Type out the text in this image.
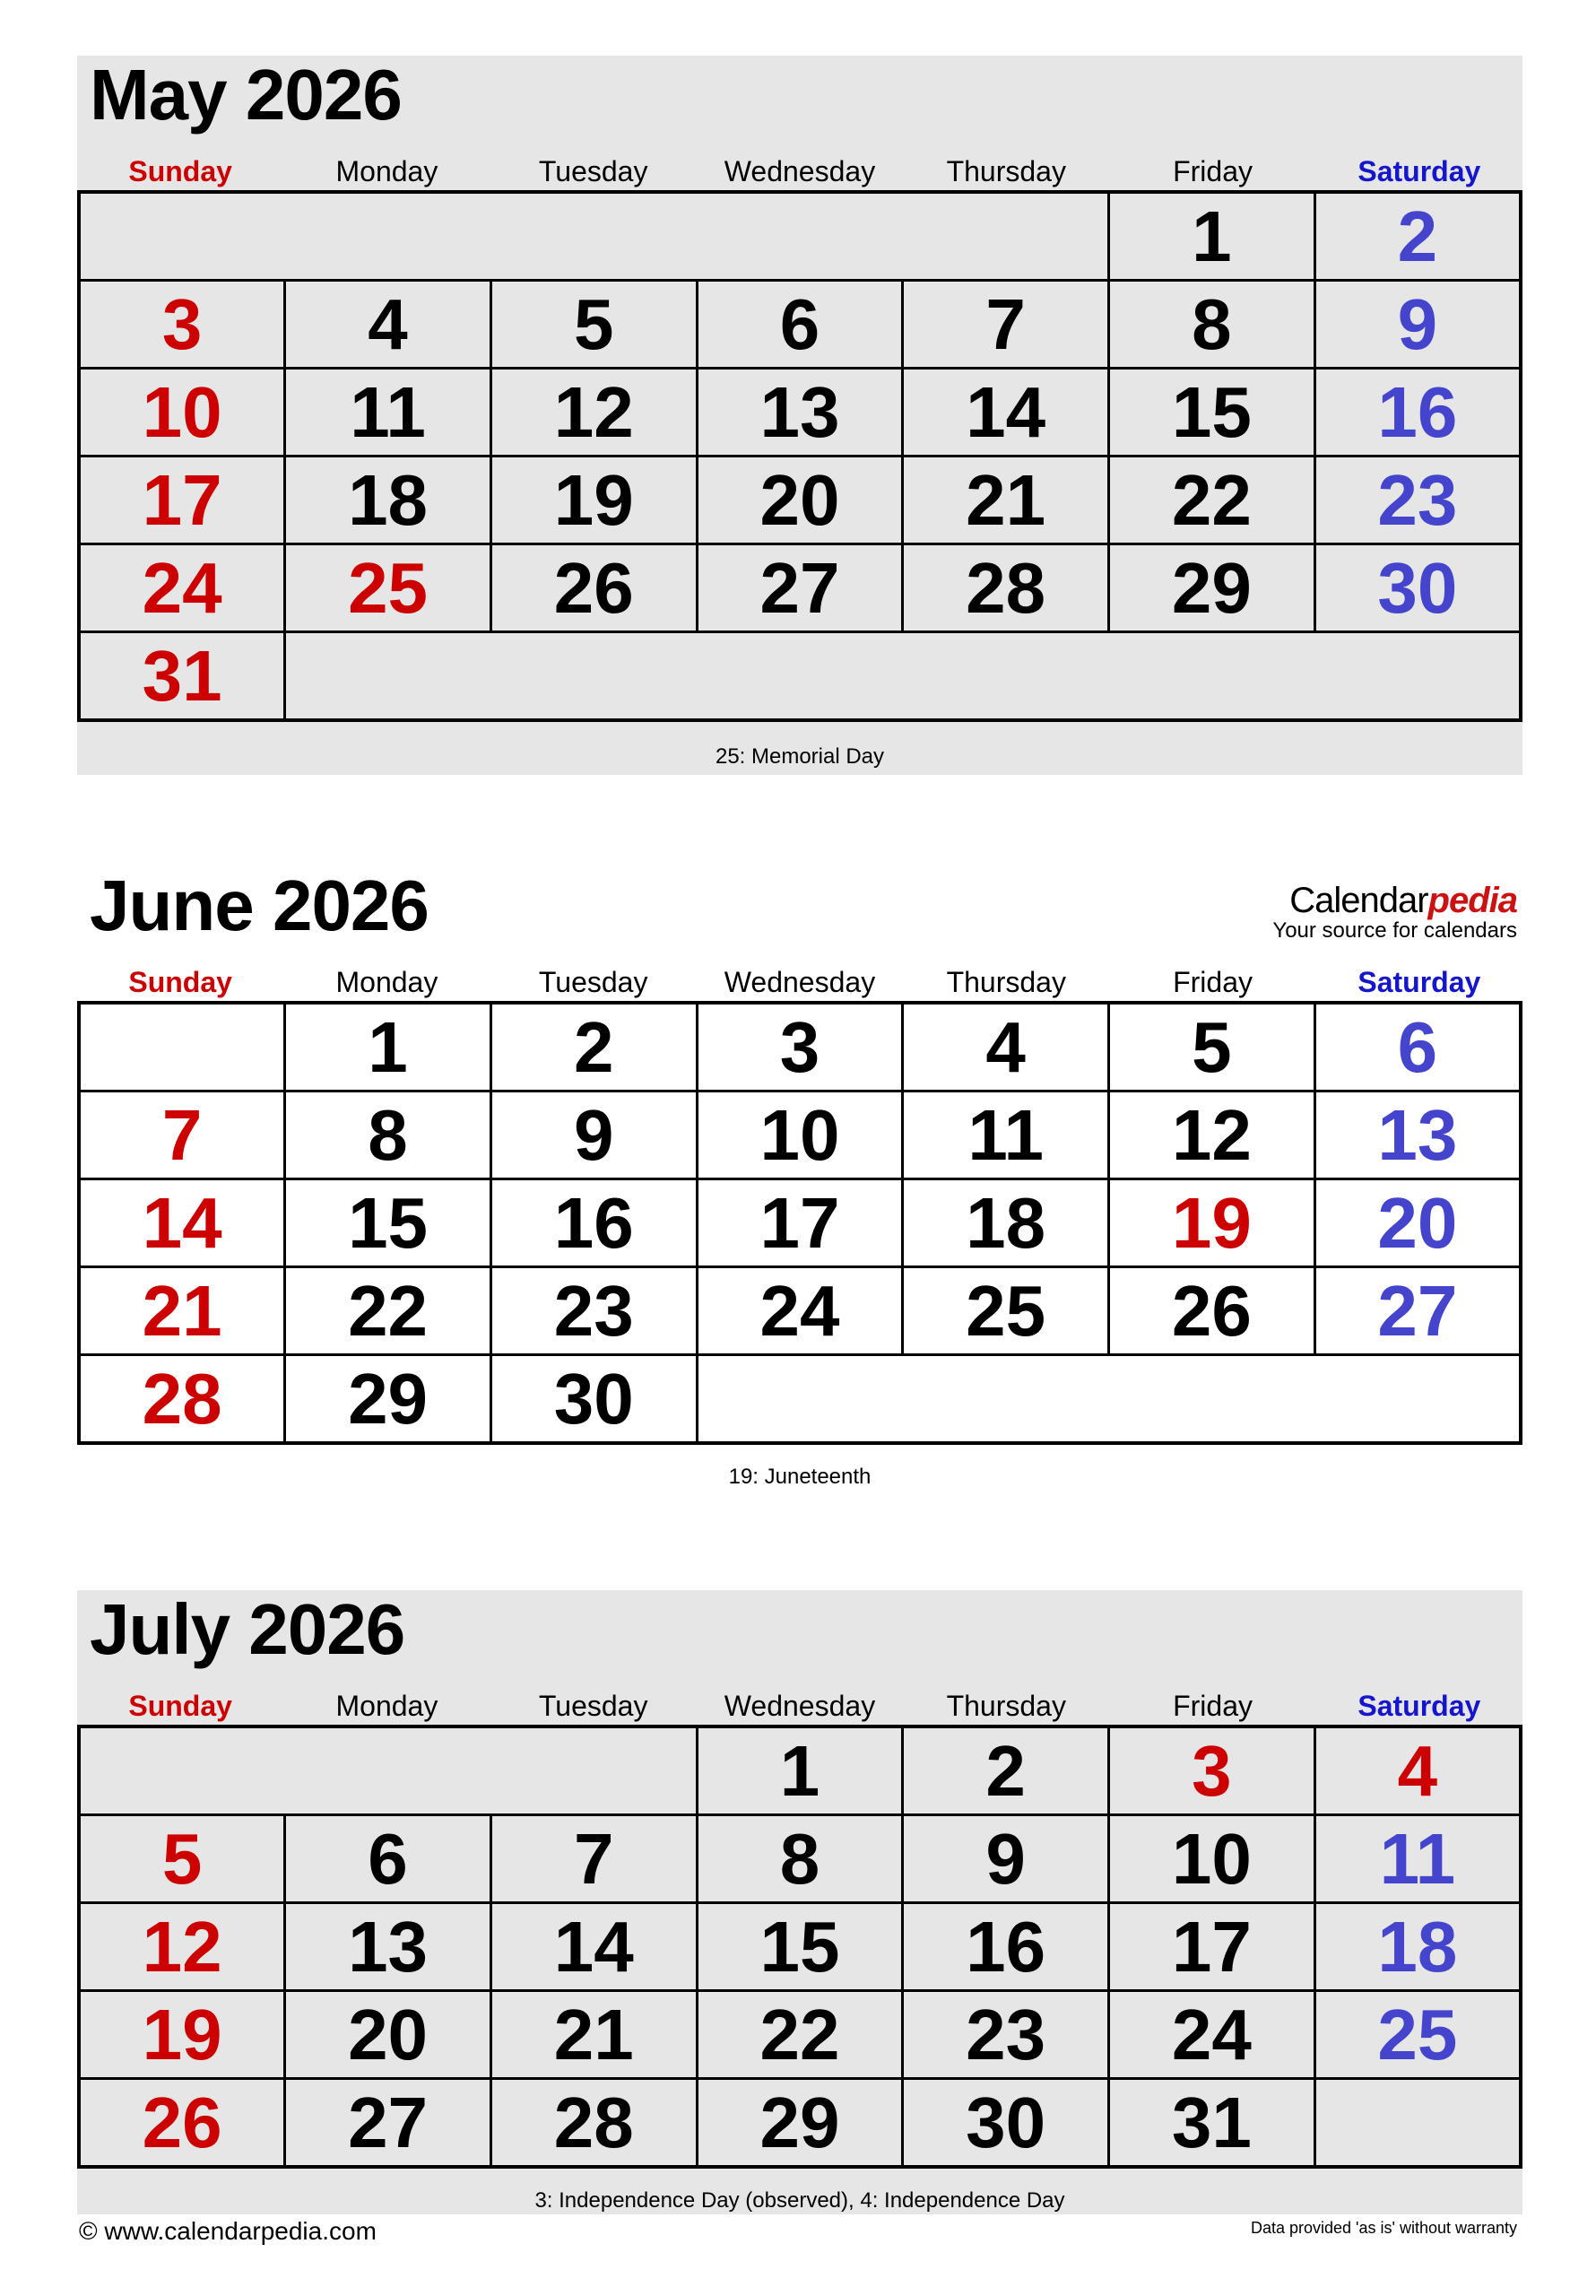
May 2026
Sunday	Monday	Tuesday	Wednesday	Thursday	Friday	Saturday
					1	2
3	4	5	6	7	8	9
10	11	12	13	14	15	16
17	18	19	20	21	22	23
24	25	26	27	28	29	30
31						
25: Memorial Day
June 2026	Calendarpedia
Your source for calendars
Sunday	Monday	Tuesday	Wednesday	Thursday	Friday	Saturday
	1	2	3	4	5	6
7	8	9	10	11	12	13
14	15	16	17	18	19	20
21	22	23	24	25	26	27
28	29	30				
19: Juneteenth
July 2026
Sunday	Monday	Tuesday	Wednesday	Thursday	Friday	Saturday
			1	2	3	4
5	6	7	8	9	10	11
12	13	14	15	16	17	18
19	20	21	22	23	24	25
26	27	28	29	30	31	
3: Independence Day (observed), 4: Independence Day
© www.calendarpedia.com	Data provided 'as is' without warranty
